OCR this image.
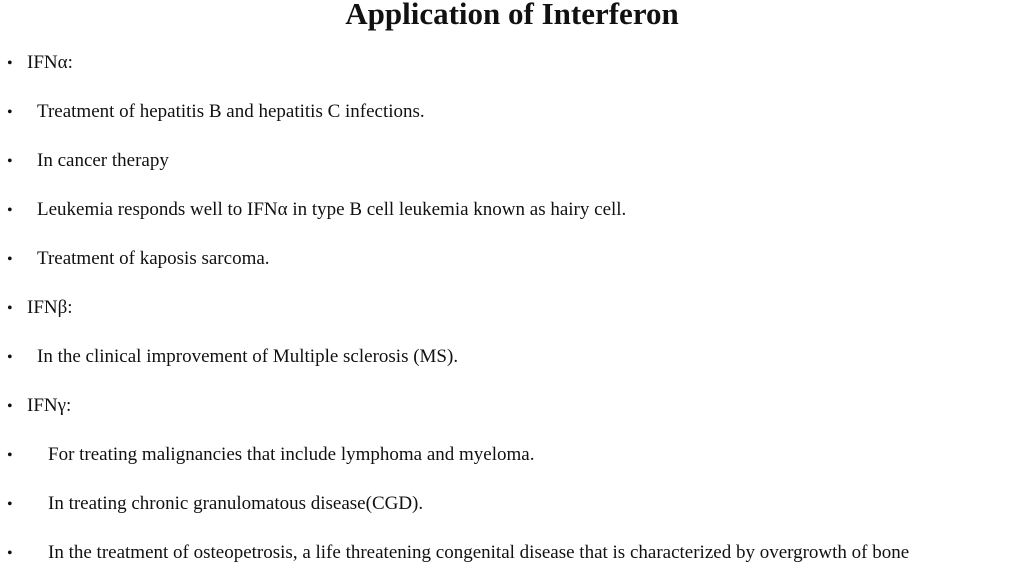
Application of Interferon
• IFNα:
• Treatment of hepatitis B and hepatitis C infections.
• In cancer therapy
• Leukemia responds well to IFNα in type B cell leukemia known as hairy cell.
• Treatment of kaposis sarcoma.
• IFNβ:
• In the clinical improvement of Multiple sclerosis (MS).
• IFNγ:
• For treating malignancies that include lymphoma and myeloma.
• In treating chronic granulomatous disease(CGD).
• In the treatment of osteopetrosis, a life threatening congenital disease that is characterized by overgrowth of bone
